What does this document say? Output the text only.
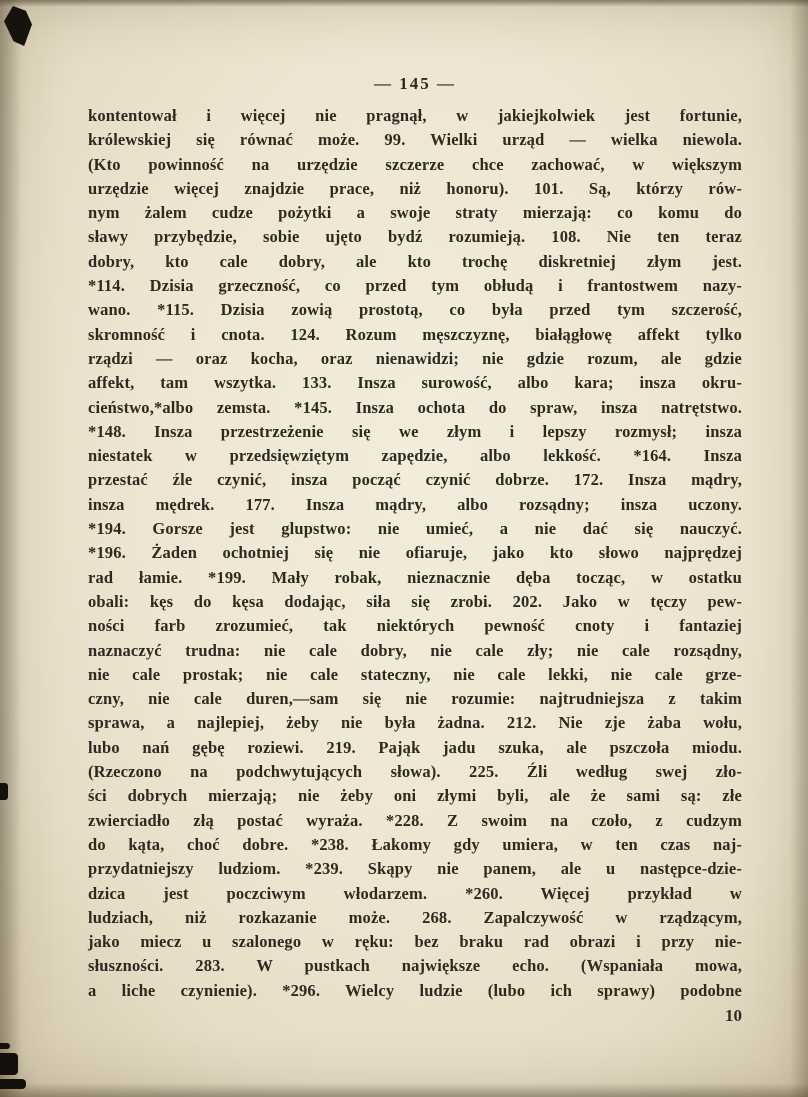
— 145 —
kontentował i więcej nie pragnął, w jakiejkolwiek jest fortunie,
królewskiej się równać może. 99. Wielki urząd — wielka niewola.
(Kto powinność na urzędzie szczerze chce zachować, w większym
urzędzie więcej znajdzie prace, niż honoru). 101. Są, którzy rów-
nym żalem cudze pożytki a swoje straty mierzają: co komu do
sławy przybędzie, sobie ujęto bydź rozumieją. 108. Nie ten teraz
dobry, kto cale dobry, ale kto trochę diskretniej złym jest.
*114. Dzisia grzeczność, co przed tym obłudą i frantostwem nazy-
wano. *115. Dzisia zowią prostotą, co była przed tym szczerość,
skromność i cnota. 124. Rozum męszczyznę, białągłowę affekt tylko
rządzi — oraz kocha, oraz nienawidzi; nie gdzie rozum, ale gdzie
affekt, tam wszytka. 133. Insza surowość, albo kara; insza okru-
cieństwo,*albo zemsta. *145. Insza ochota do spraw, insza natrętstwo.
*148. Insza przestrzeżenie się we złym i lepszy rozmysł; insza
niestatek w przedsięwziętym zapędzie, albo lekkość. *164. Insza
przestać źle czynić, insza począć czynić dobrze. 172. Insza mądry,
insza mędrek. 177. Insza mądry, albo rozsądny; insza uczony.
*194. Gorsze jest glupstwo: nie umieć, a nie dać się nauczyć.
*196. Żaden ochotniej się nie ofiaruje, jako kto słowo najprędzej
rad łamie. *199. Mały robak, nieznacznie dęba tocząc, w ostatku
obali: kęs do kęsa dodając, siła się zrobi. 202. Jako w tęczy pew-
ności farb zrozumieć, tak niektórych pewność cnoty i fantaziej
naznaczyć trudna: nie cale dobry, nie cale zły; nie cale rozsądny,
nie cale prostak; nie cale stateczny, nie cale lekki, nie cale grze-
czny, nie cale duren,—sam się nie rozumie: najtrudniejsza z takim
sprawa, a najlepiej, żeby nie była żadna. 212. Nie zje żaba wołu,
lubo nań gębę roziewi. 219. Pająk jadu szuka, ale pszczoła miodu.
(Rzeczono na podchwytujących słowa). 225. Źli według swej zło-
ści dobrych mierzają; nie żeby oni złymi byli, ale że sami są: złe
zwierciadło złą postać wyraża. *228. Z swoim na czoło, z cudzym
do kąta, choć dobre. *238. Łakomy gdy umiera, w ten czas naj-
przydatniejszy ludziom. *239. Skąpy nie panem, ale u następce-dzie-
dzica jest poczciwym włodarzem. *260. Więcej przykład w
ludziach, niż rozkazanie może. 268. Zapalczywość w rządzącym,
jako miecz u szalonego w ręku: bez braku rad obrazi i przy nie-
słuszności. 283. W pustkach największe echo. (Wspaniała mowa,
a liche czynienie). *296. Wielcy ludzie (lubo ich sprawy) podobne
10
